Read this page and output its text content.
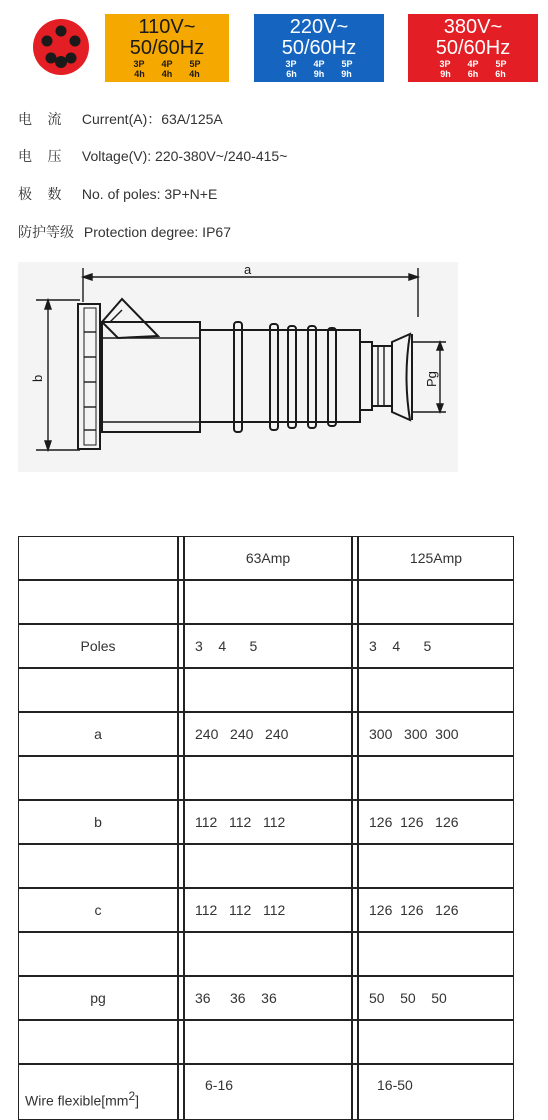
110V~
50/60Hz
3P 4P 5P
4h 4h 4h
220V~
50/60Hz
3P 4P 5P
6h 9h 9h
380V~
50/60Hz
3P 4P 5P
9h 6h 6h
电    流 Current(A)：63A/125A
电    压 Voltage(V): 220-380V~/240-415~
极    数 No. of poles: 3P+N+E
防护等级 Protection degree: IP67
a
b	Pg
		63Amp		125Amp

Poles		3    4      5		3    4      5

a		240   240   240		300   300  300

b		112   112   112		126  126   126

c		112   112   112		126  126   126

pg		36     36    36		50    50    50

Wire flexible[mm2]		6-16		16-50
